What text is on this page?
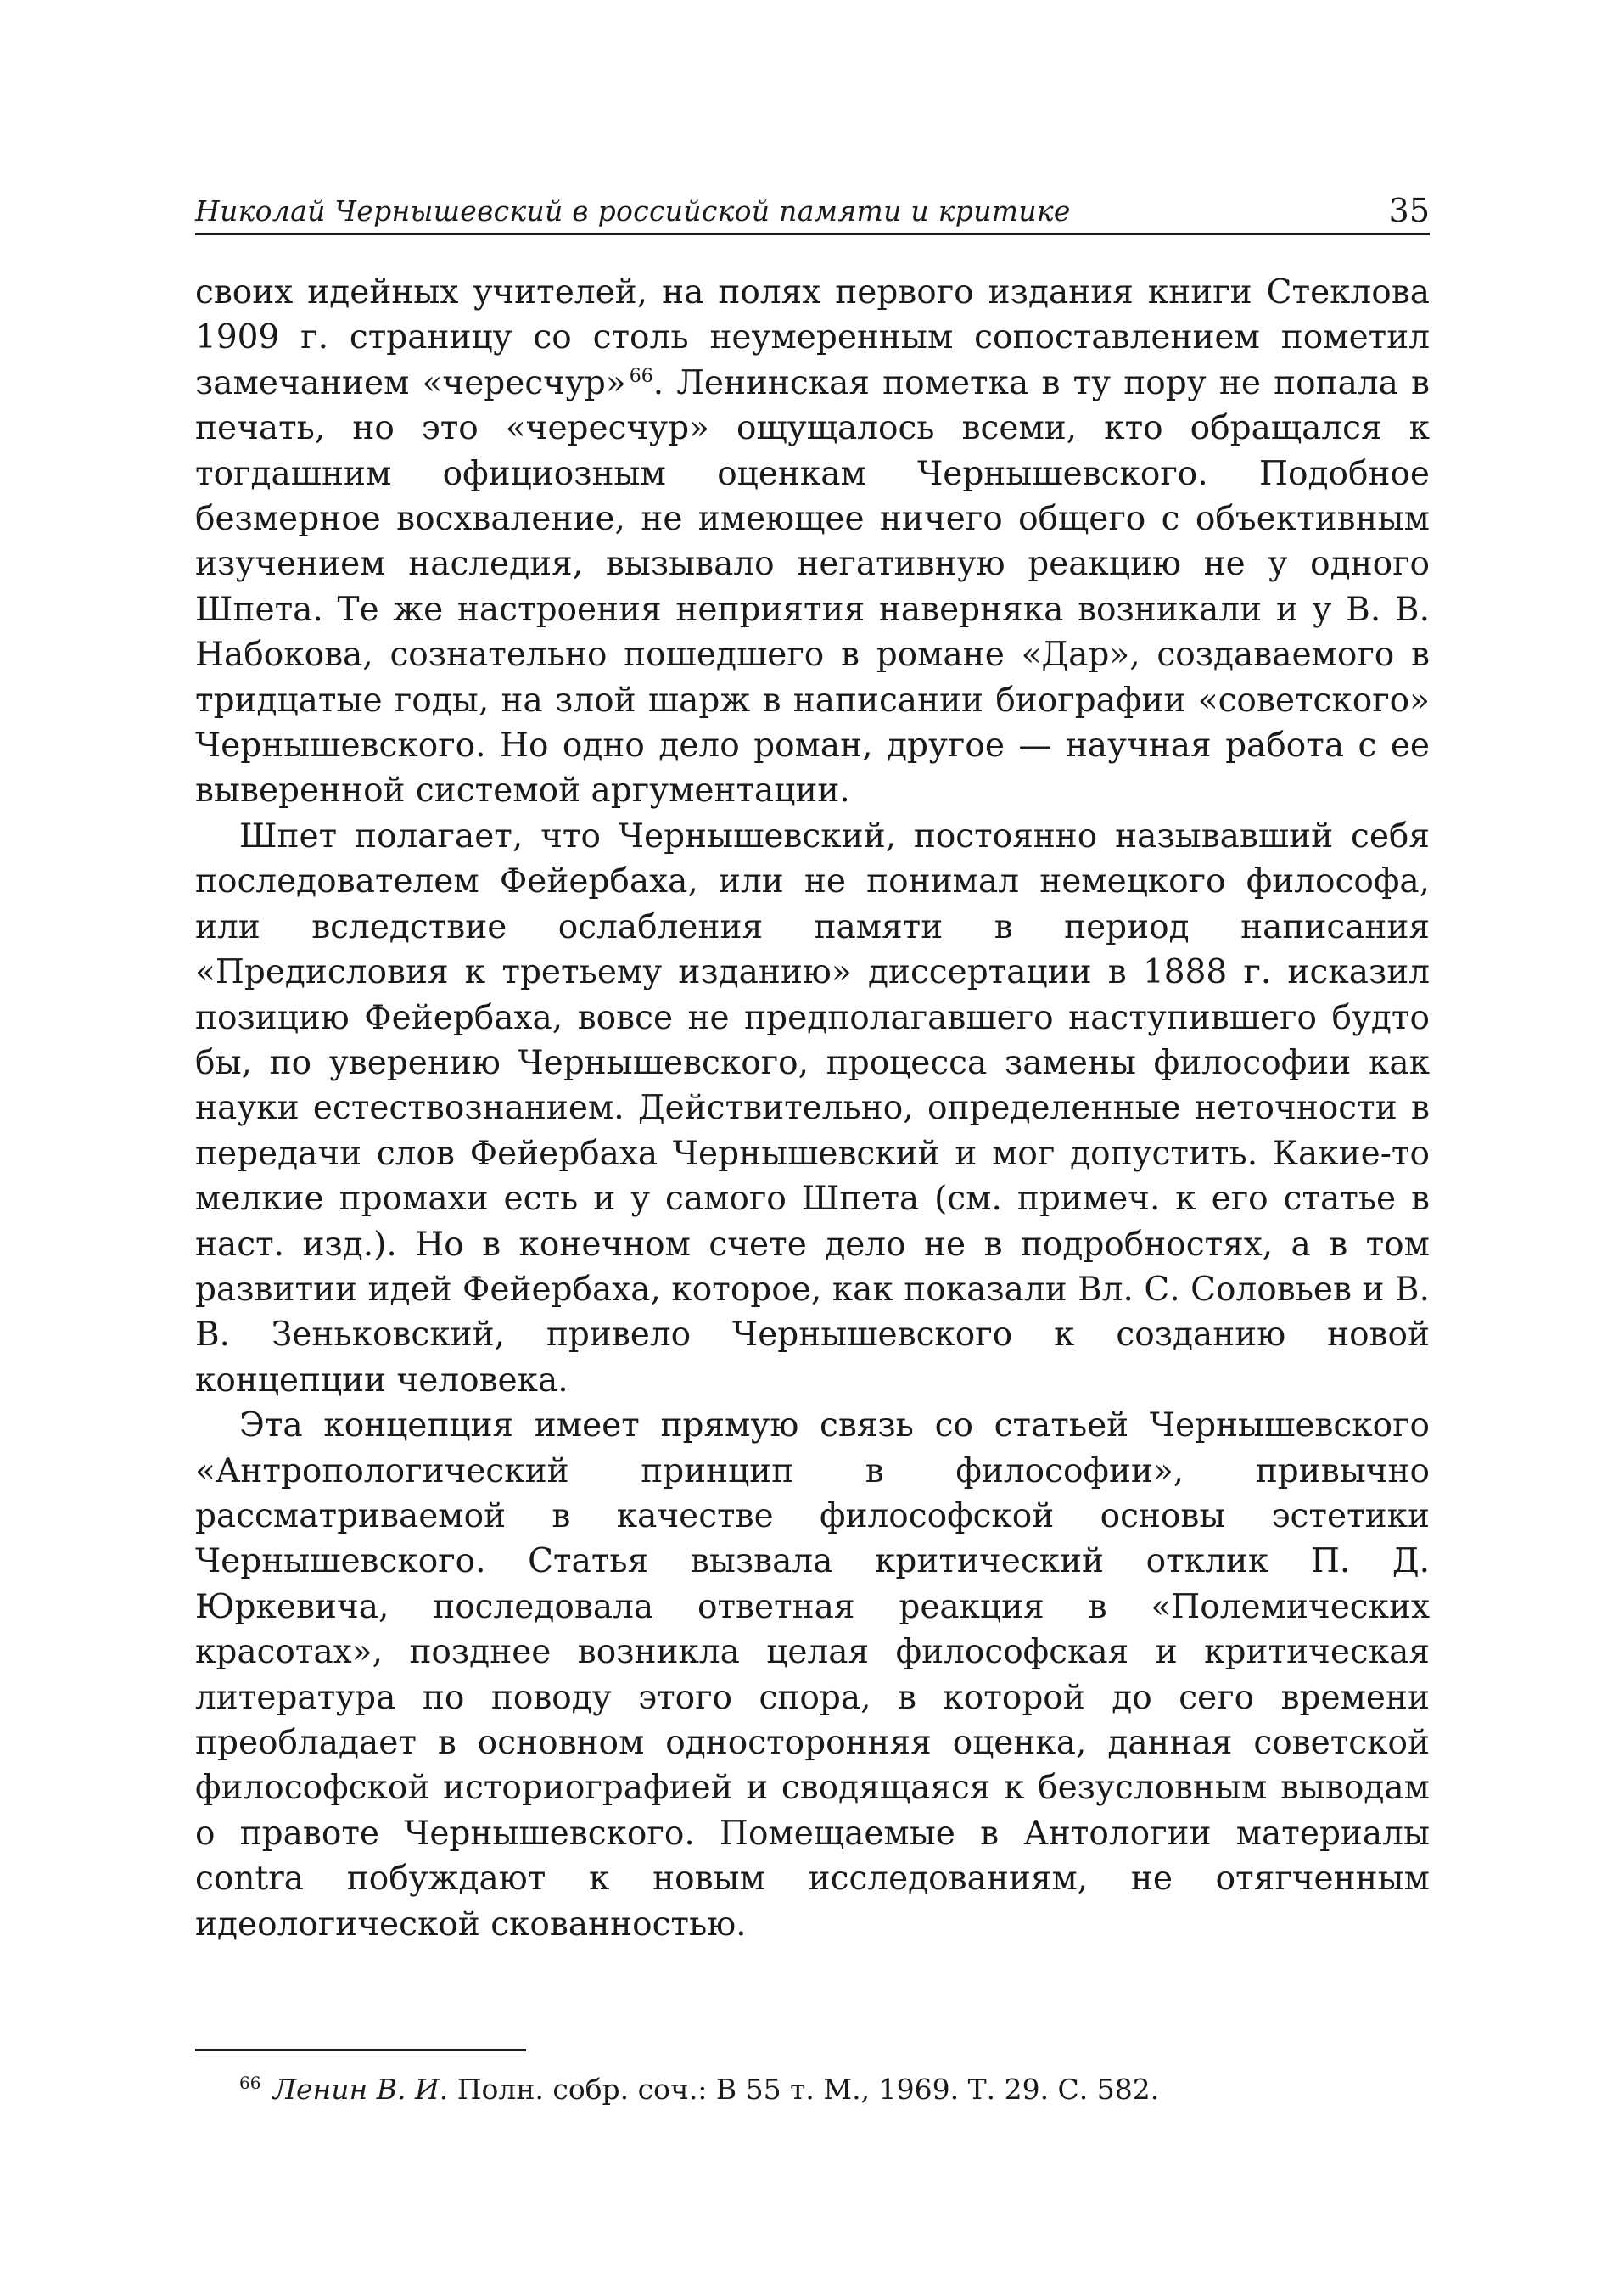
Николай Чернышевский в российской памяти и критике	35

своих идейных учителей, на полях первого издания книги Стеклова 1909 г. страницу со столь неумеренным сопоставлением пометил замечанием «чересчур» $^{66}$. Ленинская пометка в ту пору не попала в печать, но это «чересчур» ощущалось всеми, кто обращался к тогдашним официозным оценкам Чернышевского. Подобное безмерное восхваление, не имеющее ничего общего с объективным изучением наследия, вызывало негативную реакцию не у одного Шпета. Те же настроения неприятия наверняка возникали и у В. В. Набокова, сознательно пошедшего в романе «Дар», создаваемого в тридцатые годы, на злой шарж в написании биографии «советского» Чернышевского. Но одно дело роман, другое — научная работа с ее выверенной системой аргументации.

Шпет полагает, что Чернышевский, постоянно называвший себя последователем Фейербаха, или не понимал немецкого философа, или вследствие ослабления памяти в период написания «Предисловия к третьему изданию» диссертации в 1888 г. исказил позицию Фейербаха, вовсе не предполагавшего наступившего будто бы, по уверению Чернышевского, процесса замены философии как науки естествознанием. Действительно, определенные неточности в передачи слов Фейербаха Чернышевский и мог допустить. Какие-то мелкие промахи есть и у самого Шпета (см. примеч. к его статье в наст. изд.). Но в конечном счете дело не в подробностях, а в том развитии идей Фейербаха, которое, как показали Вл. С. Соловьев и В. В. Зеньковский, привело Чернышевского к созданию новой концепции человека.

Эта концепция имеет прямую связь со статьей Чернышевского «Антропологический принцип в философии», привычно рассматриваемой в качестве философской основы эстетики Чернышевского. Статья вызвала критический отклик П. Д. Юркевича, последовала ответная реакция в «Полемических красотах», позднее возникла целая философская и критическая литература по поводу этого спора, в которой до сего времени преобладает в основном односторонняя оценка, данная советской философской историографией и сводящаяся к безусловным выводам о правоте Чернышевского. Помещаемые в Антологии материалы contra побуждают к новым исследованиям, не отягченным идеологической скованностью.

$^{66}$ Ленин В. И. Полн. собр. соч.: В 55 т. М., 1969. Т. 29. С. 582.
